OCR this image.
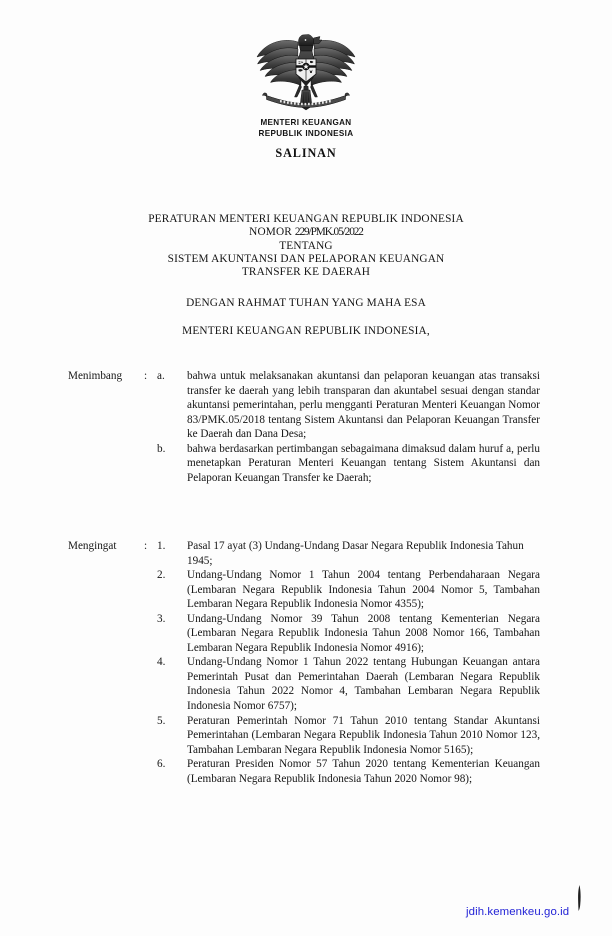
MENTERI KEUANGAN
REPUBLIK INDONESIA
SALINAN
PERATURAN MENTERI KEUANGAN REPUBLIK INDONESIA
NOMOR 229/PMK.05/2022
TENTANG
SISTEM AKUNTANSI DAN PELAPORAN KEUANGAN
TRANSFER KE DAERAH
DENGAN RAHMAT TUHAN YANG MAHA ESA
MENTERI KEUANGAN REPUBLIK INDONESIA,
Menimbang	: a.	bahwa untuk melaksanakan akuntansi dan pelaporan keuangan atas transaksi transfer ke daerah yang lebih transparan dan akuntabel sesuai dengan standar akuntansi pemerintahan, perlu mengganti Peraturan Menteri Keuangan Nomor 83/PMK.05/2018 tentang Sistem Akuntansi dan Pelaporan Keuangan Transfer ke Daerah dan Dana Desa;
b.	bahwa berdasarkan pertimbangan sebagaimana dimaksud dalam huruf a, perlu menetapkan Peraturan Menteri Keuangan tentang Sistem Akuntansi dan Pelaporan Keuangan Transfer ke Daerah;
Mengingat	: 1.	Pasal 17 ayat (3) Undang-Undang Dasar Negara Republik Indonesia Tahun 1945;
2.	Undang-Undang Nomor 1 Tahun 2004 tentang Perbendaharaan Negara (Lembaran Negara Republik Indonesia Tahun 2004 Nomor 5, Tambahan Lembaran Negara Republik Indonesia Nomor 4355);
3.	Undang-Undang Nomor 39 Tahun 2008 tentang Kementerian Negara (Lembaran Negara Republik Indonesia Tahun 2008 Nomor 166, Tambahan Lembaran Negara Republik Indonesia Nomor 4916);
4.	Undang-Undang Nomor 1 Tahun 2022 tentang Hubungan Keuangan antara Pemerintah Pusat dan Pemerintahan Daerah (Lembaran Negara Republik Indonesia Tahun 2022 Nomor 4, Tambahan Lembaran Negara Republik Indonesia Nomor 6757);
5.	Peraturan Pemerintah Nomor 71 Tahun 2010 tentang Standar Akuntansi Pemerintahan (Lembaran Negara Republik Indonesia Tahun 2010 Nomor 123, Tambahan Lembaran Negara Republik Indonesia Nomor 5165);
6.	Peraturan Presiden Nomor 57 Tahun 2020 tentang Kementerian Keuangan (Lembaran Negara Republik Indonesia Tahun 2020 Nomor 98);
jdih.kemenkeu.go.id
